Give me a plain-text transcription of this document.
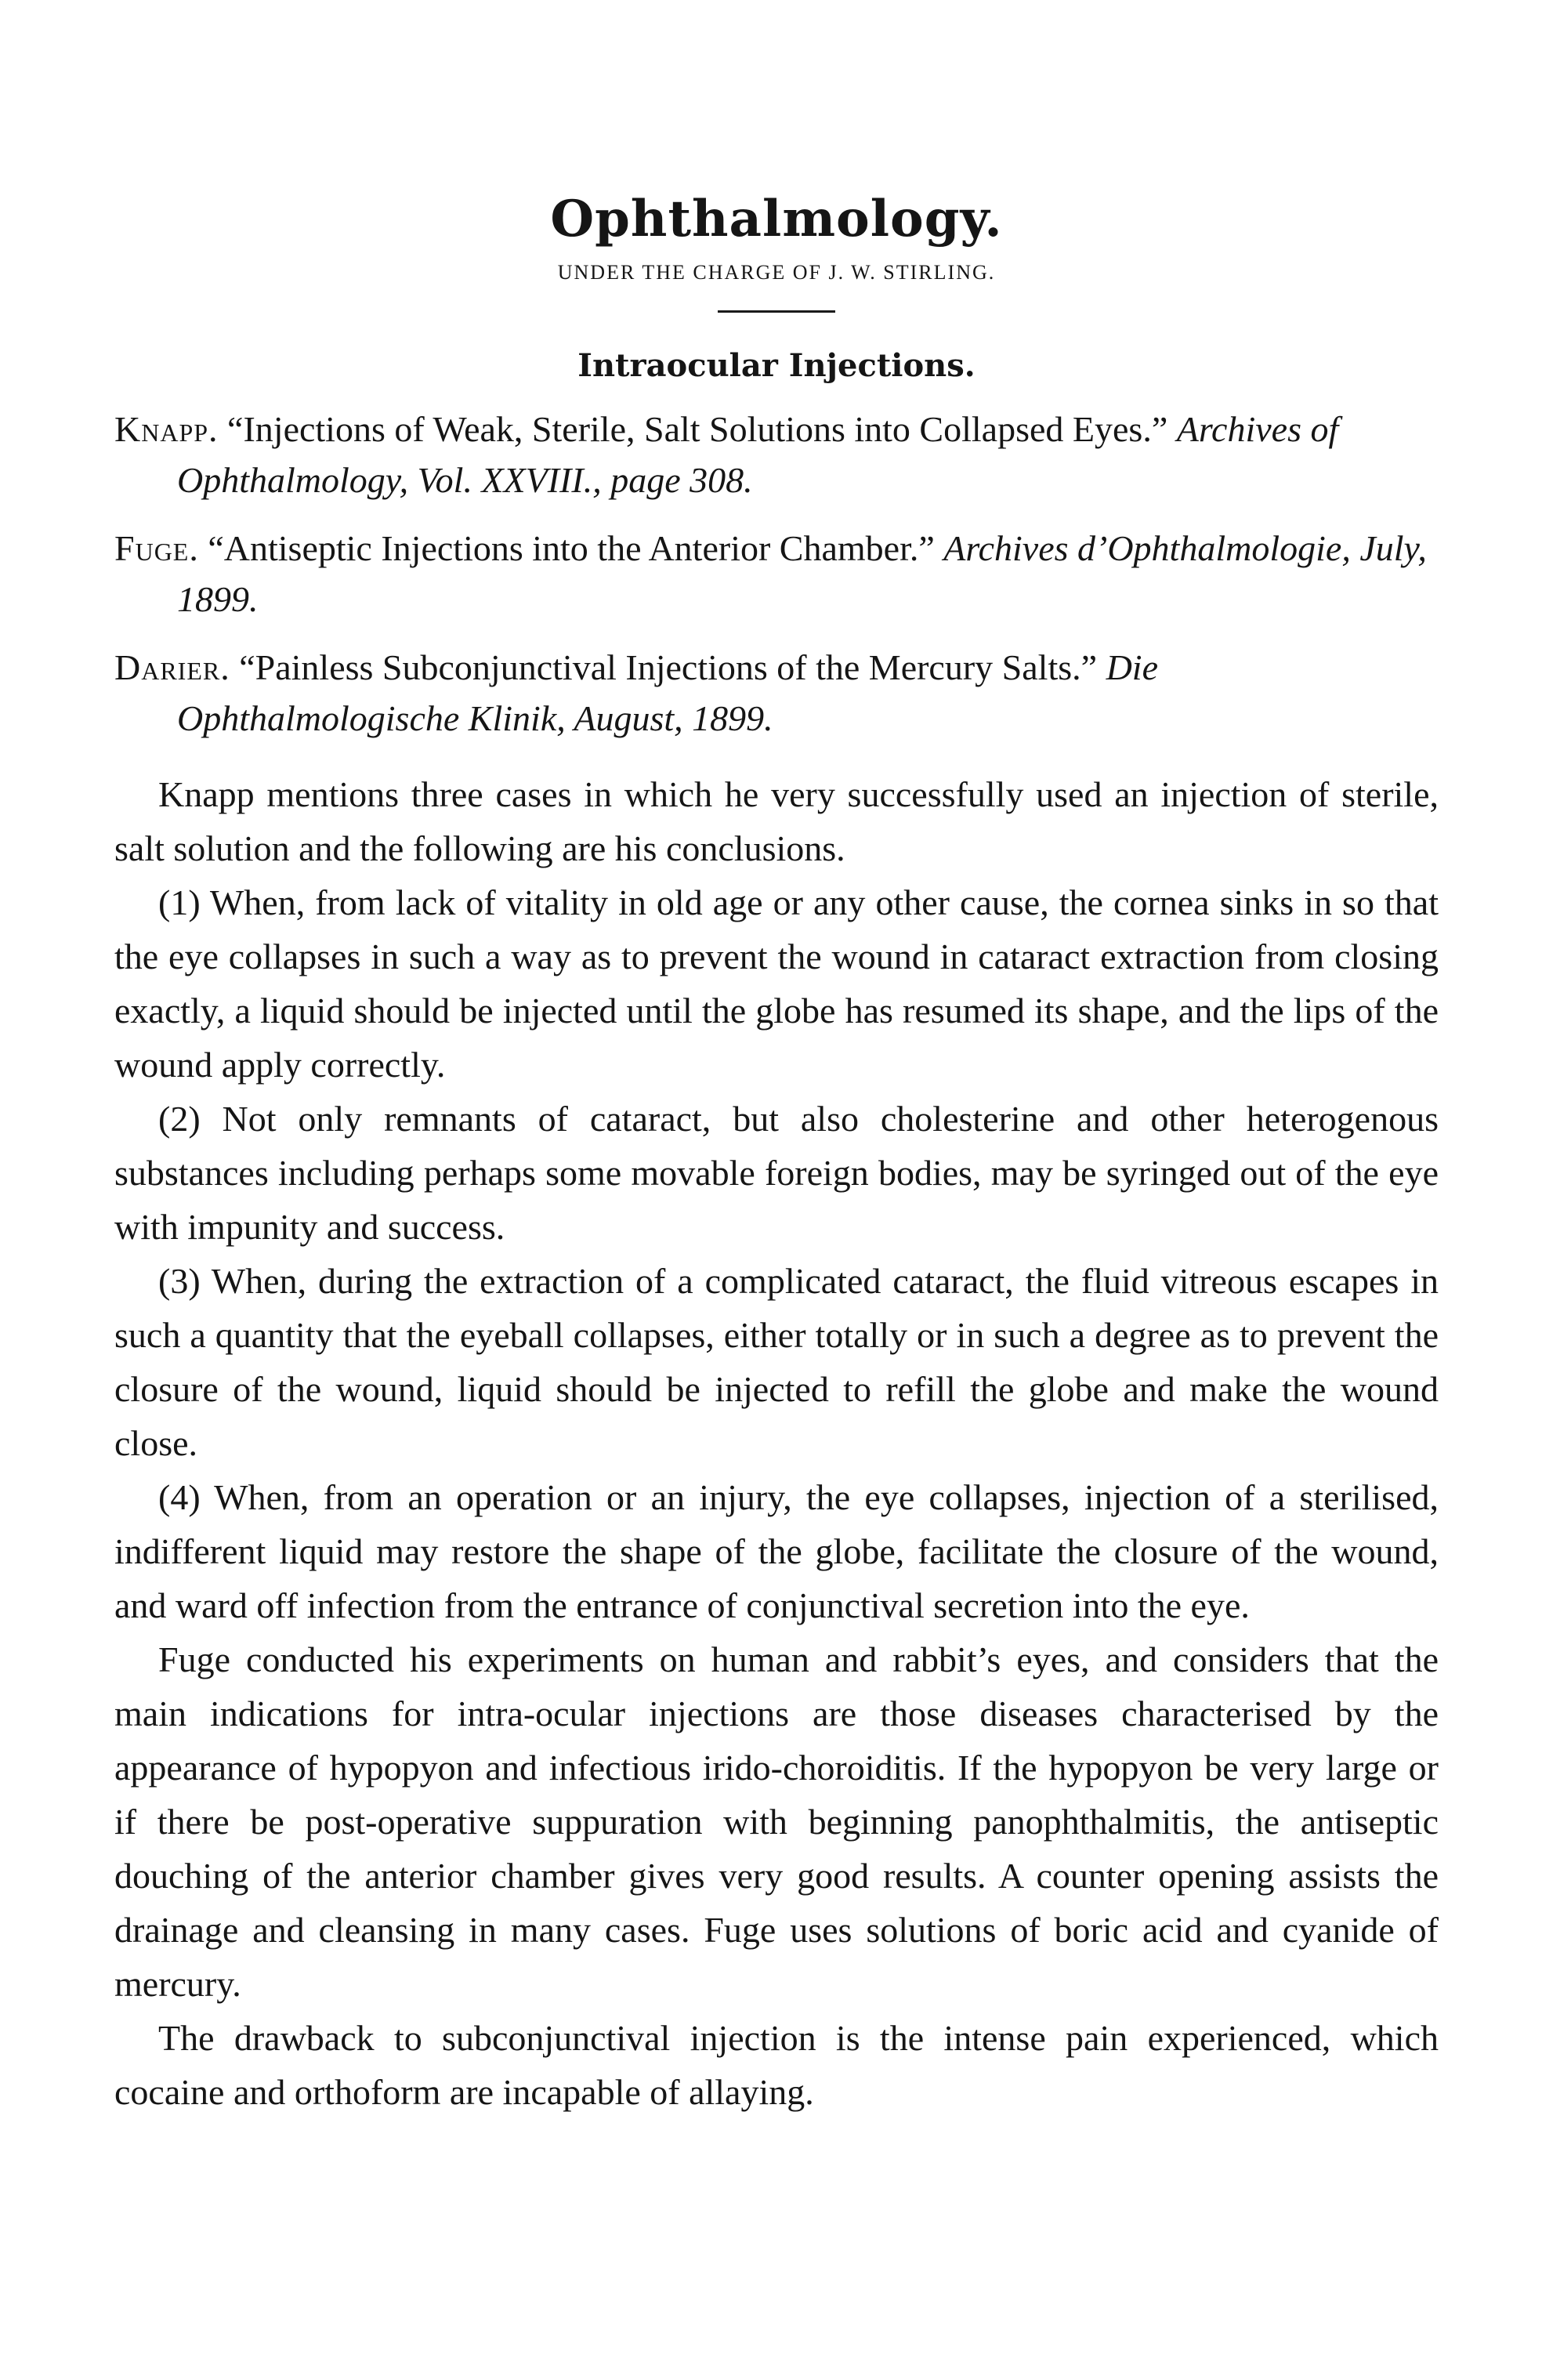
Ophthalmology.
UNDER THE CHARGE OF J. W. STIRLING.
Intraocular Injections.
Knapp. “Injections of Weak, Sterile, Salt Solutions into Collapsed Eyes.” Archives of Ophthalmology, Vol. XXVIII., page 308.
Fuge. “Antiseptic Injections into the Anterior Chamber.” Archives d’Ophthalmologie, July, 1899.
Darier. “Painless Subconjunctival Injections of the Mercury Salts.” Die Ophthalmologische Klinik, August, 1899.

Knapp mentions three cases in which he very successfully used an injection of sterile, salt solution and the following are his conclusions.

(1) When, from lack of vitality in old age or any other cause, the cornea sinks in so that the eye collapses in such a way as to prevent the wound in cataract extraction from closing exactly, a liquid should be injected until the globe has resumed its shape, and the lips of the wound apply correctly.

(2) Not only remnants of cataract, but also cholesterine and other heterogenous substances including perhaps some movable foreign bodies, may be syringed out of the eye with impunity and success.

(3) When, during the extraction of a complicated cataract, the fluid vitreous escapes in such a quantity that the eyeball collapses, either totally or in such a degree as to prevent the closure of the wound, liquid should be injected to refill the globe and make the wound close.

(4) When, from an operation or an injury, the eye collapses, injection of a sterilised, indifferent liquid may restore the shape of the globe, facilitate the closure of the wound, and ward off infection from the entrance of conjunctival secretion into the eye.

Fuge conducted his experiments on human and rabbit’s eyes, and considers that the main indications for intra-ocular injections are those diseases characterised by the appearance of hypopyon and infectious irido-choroiditis. If the hypopyon be very large or if there be post-operative suppuration with beginning panophthalmitis, the antiseptic douching of the anterior chamber gives very good results. A counter opening assists the drainage and cleansing in many cases. Fuge uses solutions of boric acid and cyanide of mercury.

The drawback to subconjunctival injection is the intense pain experienced, which cocaine and orthoform are incapable of allaying.
